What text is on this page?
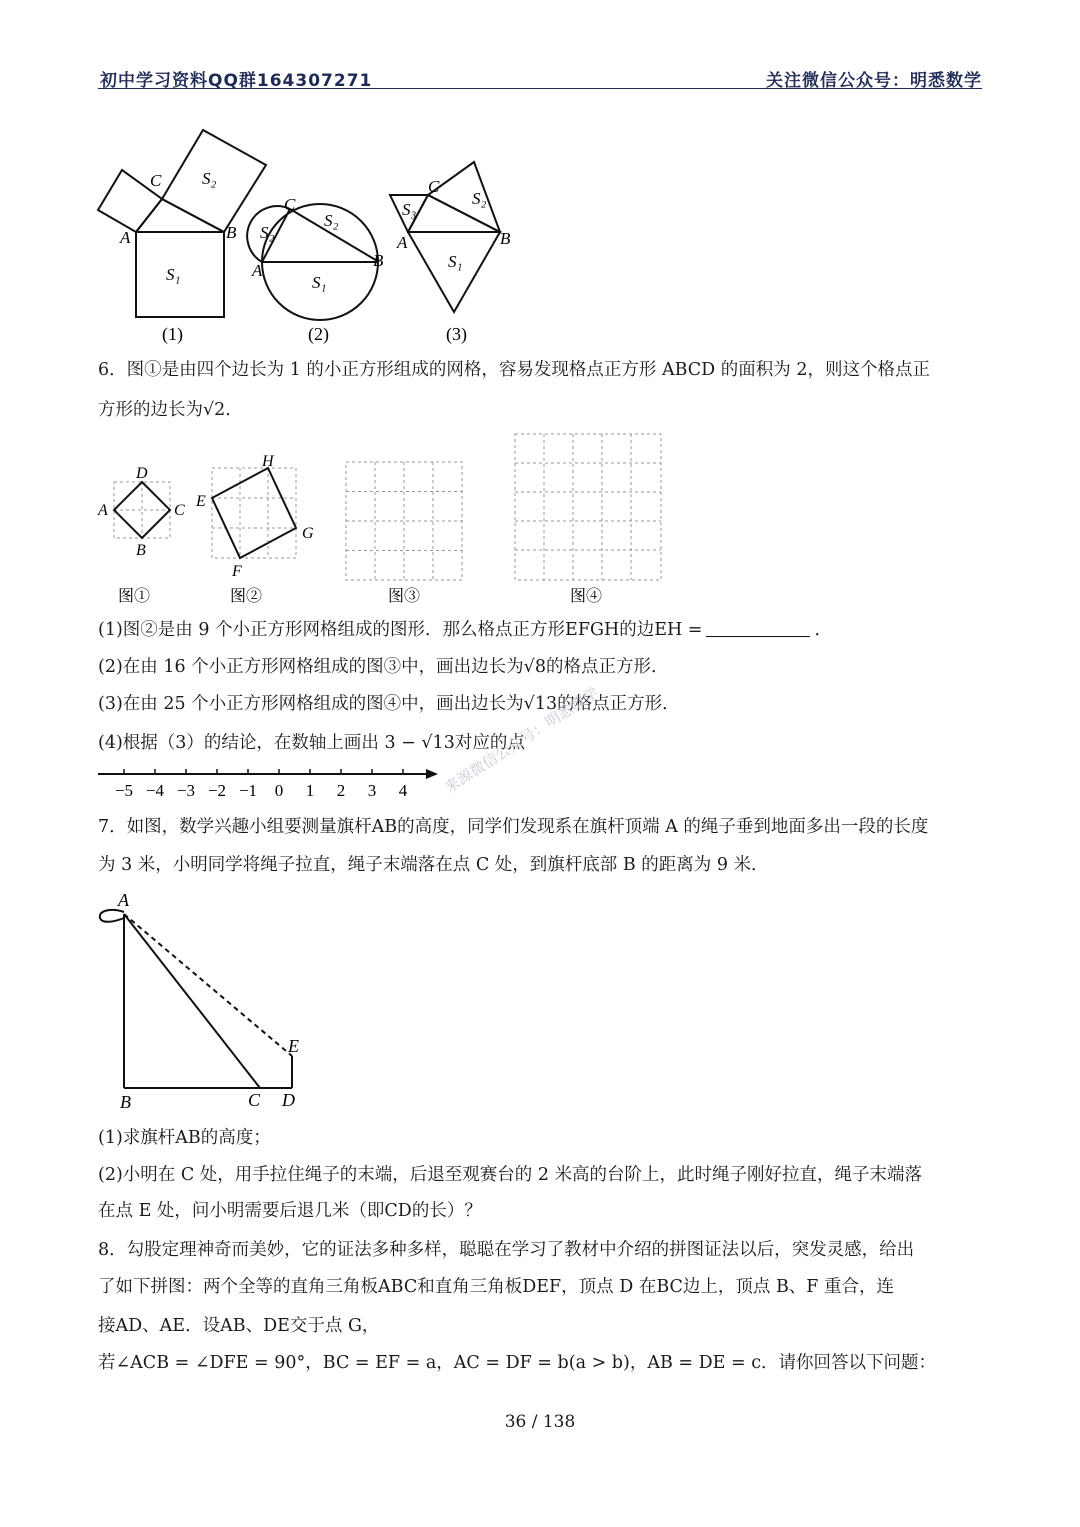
初中学习资料QQ群164307271	关注微信公众号：明悉数学
C
A	B
S₂
S₁
C
A
B
S₂
S₂
S₁
C
A	B
S₃
S₂
S₁
(1)	(2)	(3)
6．图①是由四个边长为 1 的小正方形组成的网格，容易发现格点正方形 ABCD 的面积为 2，则这个格点正
方形的边长为√2．
D
A	C
B
H
E
G
F
图①	图②	图③	图④
(1)图②是由 9 个小正方形网格组成的图形．那么格点正方形EFGH的边EH =	．
(2)在由 16 个小正方形网格组成的图③中，画出边长为√8的格点正方形．
(3)在由 25 个小正方形网格组成的图④中，画出边长为√13的格点正方形．
(4)根据（3）的结论，在数轴上画出 3 − √13对应的点
−5 −4 −3 −2 −1 0 1 2 3 4 来源微信公众号：明悉数学
7．如图，数学兴趣小组要测量旗杆AB的高度，同学们发现系在旗杆顶端 A 的绳子垂到地面多出一段的长度
为 3 米，小明同学将绳子拉直，绳子末端落在点 C 处，到旗杆底部 B 的距离为 9 米．
A
E
B	C D
(1)求旗杆AB的高度；
(2)小明在 C 处，用手拉住绳子的末端，后退至观赛台的 2 米高的台阶上，此时绳子刚好拉直，绳子末端落
在点 E 处，问小明需要后退几米（即CD的长）？
8．勾股定理神奇而美妙，它的证法多种多样，聪聪在学习了教材中介绍的拼图证法以后，突发灵感，给出
了如下拼图：两个全等的直角三角板ABC和直角三角板DEF，顶点 D 在BC边上，顶点 B、F 重合，连
接AD、AE．设AB、DE交于点 G，
若∠ACB = ∠DFE = 90°，BC = EF = a，AC = DF = b(a > b)，AB = DE = c．请你回答以下问题：
36 / 138
